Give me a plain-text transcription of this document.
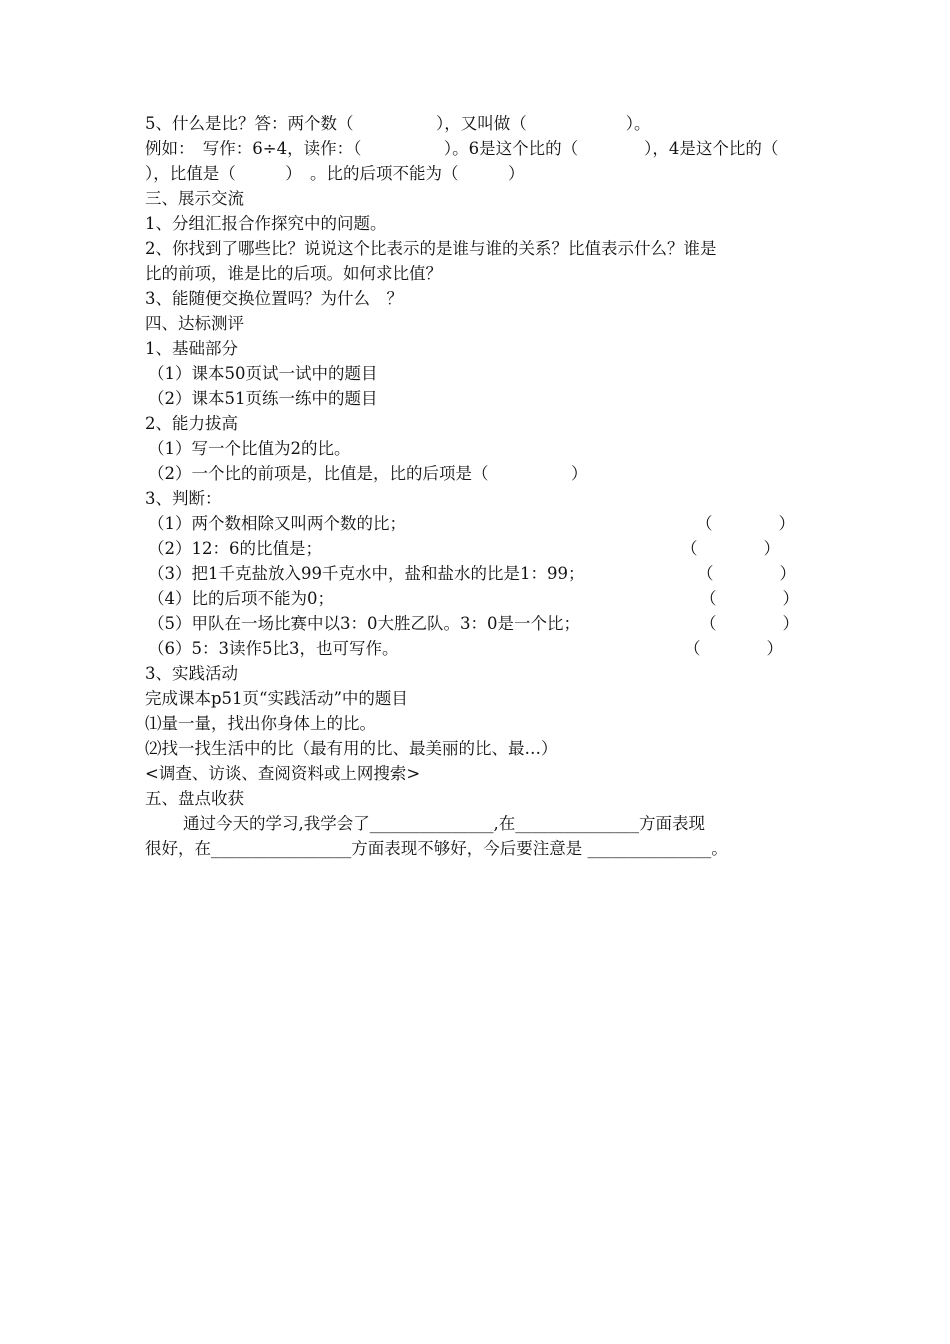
5、什么是比？答：两个数（　　　　　），又叫做（　　　　　　）。
例如：　写作：6÷4，读作：（　　　　　）。6是这个比的（　　　　），4是这个比的（
），比值是（　　　）　。比的后项不能为（　　　）
三、展示交流
1、分组汇报合作探究中的问题。
2、你找到了哪些比？说说这个比表示的是谁与谁的关系？比值表示什么？谁是
比的前项，谁是比的后项。如何求比值？
3、能随便交换位置吗？为什么　？
四、达标测评
1、基础部分
（1）课本50页试一试中的题目
（2）课本51页练一练中的题目
2、能力拔高
（1）写一个比值为2的比。
（2）一个比的前项是，比值是，比的后项是（　　　　　）
3、判断：
（1）两个数相除又叫两个数的比；	（　　　　）
（2）12：6的比值是；	（　　　　）
（3）把1千克盐放入99千克水中，盐和盐水的比是1：99；	（　　　　）
（4）比的后项不能为0；	（　　　　）
（5）甲队在一场比赛中以3：0大胜乙队。3：0是一个比；	（　　　　）
（6）5：3读作5比3，也可写作。	（　　　　）
3、实践活动
完成课本p51页“实践活动”中的题目
⑴量一量，找出你身体上的比。
⑵找一找生活中的比（最有用的比、最美丽的比、最…）
<调查、访谈、查阅资料或上网搜索>
五、盘点收获
通过今天的学习,我学会了_______________,在_______________方面表现
很好，在_________________方面表现不够好，今后要注意是 _______________。
